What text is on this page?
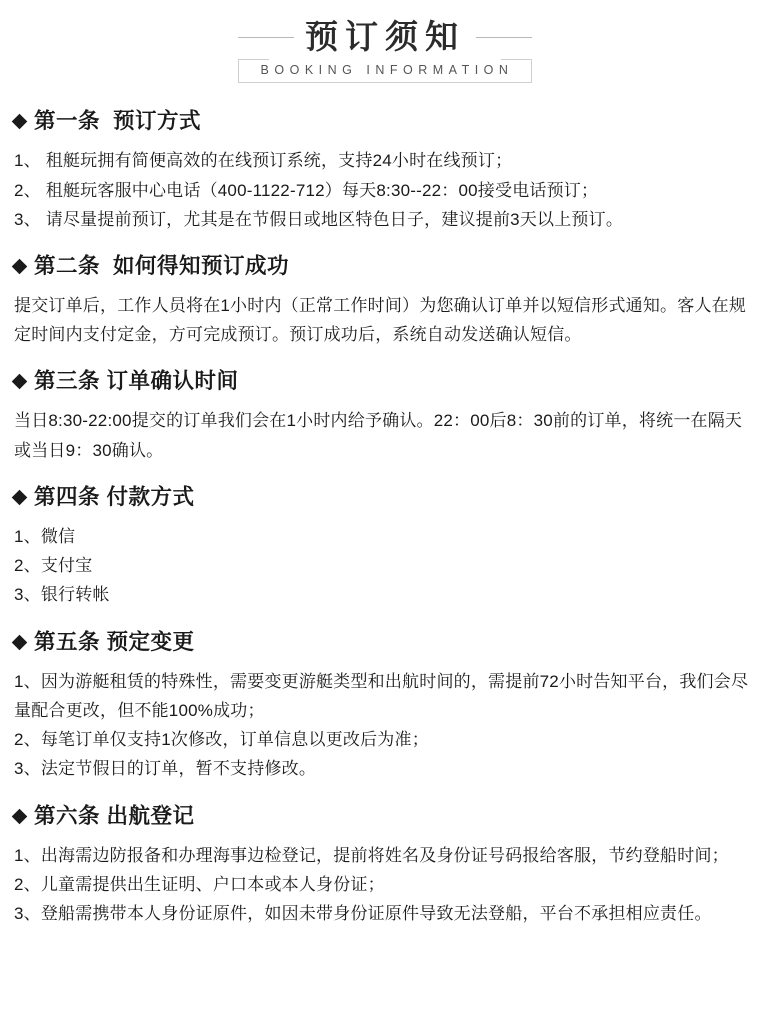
预订须知
BOOKING INFORMATION
第一条  预订方式
1、 租艇玩拥有简便高效的在线预订系统，支持24小时在线预订；
2、 租艇玩客服中心电话（400-1122-712）每天8:30--22：00接受电话预订；
3、 请尽量提前预订，尤其是在节假日或地区特色日子，建议提前3天以上预订。
第二条  如何得知预订成功

提交订单后，工作人员将在1小时内（正常工作时间）为您确认订单并以短信形式通知。客人在规定时间内支付定金，方可完成预订。预订成功后，系统自动发送确认短信。

第三条 订单确认时间

当日8:30-22:00提交的订单我们会在1小时内给予确认。22：00后8：30前的订单，将统一在隔天或当日9：30确认。

第四条 付款方式
1、微信
2、支付宝
3、银行转帐
第五条 预定变更
1、因为游艇租赁的特殊性，需要变更游艇类型和出航时间的，需提前72小时告知平台，我们会尽量配合更改，但不能100%成功；
2、每笔订单仅支持1次修改，订单信息以更改后为准；
3、法定节假日的订单，暂不支持修改。
第六条 出航登记
1、出海需边防报备和办理海事边检登记，提前将姓名及身份证号码报给客服，节约登船时间；
2、儿童需提供出生证明、户口本或本人身份证；
3、登船需携带本人身份证原件，如因未带身份证原件导致无法登船，平台不承担相应责任。
